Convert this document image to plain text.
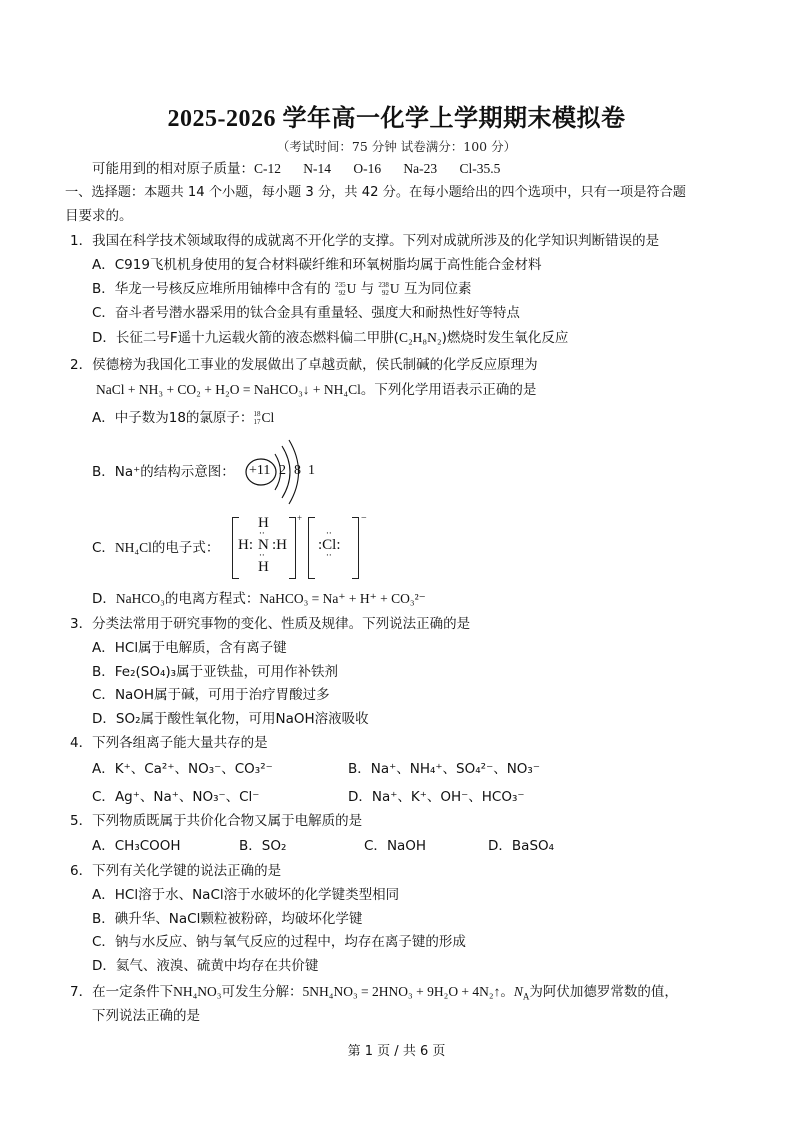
2025-2026 学年高一化学上学期期末模拟卷
（考试时间：75 分钟 试卷满分：100 分）
可能用到的相对原子质量：C-12 N-14 O-16 Na-23 Cl-35.5
一、选择题：本题共 14 个小题，每小题 3 分，共 42 分。在每小题给出的四个选项中，只有一项是符合题
目要求的。
1．我国在科学技术领域取得的成就离不开化学的支撑。下列对成就所涉及的化学知识判断错误的是
A．C919飞机机身使用的复合材料碳纤维和环氧树脂均属于高性能合金材料
B．华龙一号核反应堆所用铀棒中含有的 235
92 U 与 238
92 U 互为同位素
C．奋斗者号潜水器采用的钛合金具有重量轻、强度大和耐热性好等特点
D．长征二号F遥十九运载火箭的液态燃料偏二甲肼(C₂H₈N₂)燃烧时发生氧化反应
2．侯德榜为我国化工事业的发展做出了卓越贡献，侯氏制碱的化学反应原理为
NaCl + NH₃ + CO₂ + H₂O = NaHCO₃↓ + NH₄Cl。下列化学用语表示正确的是
A．中子数为18的氯原子： 18
17 Cl
B．Na⁺的结构示意图： +11 2 8 1
C．NH₄Cl的电子式：
H
H: N :H
··
··
H
+
:Cl:
··
··
−
D．NaHCO₃的电离方程式：NaHCO₃ = Na⁺ + H⁺ + CO₃²⁻
3．分类法常用于研究事物的变化、性质及规律。下列说法正确的是
A．HCl属于电解质，含有离子键
B．Fe₂(SO₄)₃属于亚铁盐，可用作补铁剂
C．NaOH属于碱，可用于治疗胃酸过多
D．SO₂属于酸性氧化物，可用NaOH溶液吸收
4．下列各组离子能大量共存的是
A．K⁺、Ca²⁺、NO₃⁻、CO₃²⁻	B．Na⁺、NH₄⁺、SO₄²⁻、NO₃⁻
C．Ag⁺、Na⁺、NO₃⁻、Cl⁻	D．Na⁺、K⁺、OH⁻、HCO₃⁻
5．下列物质既属于共价化合物又属于电解质的是
A．CH₃COOH	B．SO₂	C．NaOH	D．BaSO₄
6．下列有关化学键的说法正确的是
A．HCl溶于水、NaCl溶于水破坏的化学键类型相同
B．碘升华、NaCl颗粒被粉碎，均破坏化学键
C．钠与水反应、钠与氧气反应的过程中，均存在离子键的形成
D．氦气、液溴、硫黄中均存在共价键
7．在一定条件下NH₄NO₃可发生分解：5NH₄NO₃ = 2HNO₃ + 9H₂O + 4N₂↑。$N_A$为阿伏加德罗常数的值，
下列说法正确的是
第 1 页 / 共 6 页
